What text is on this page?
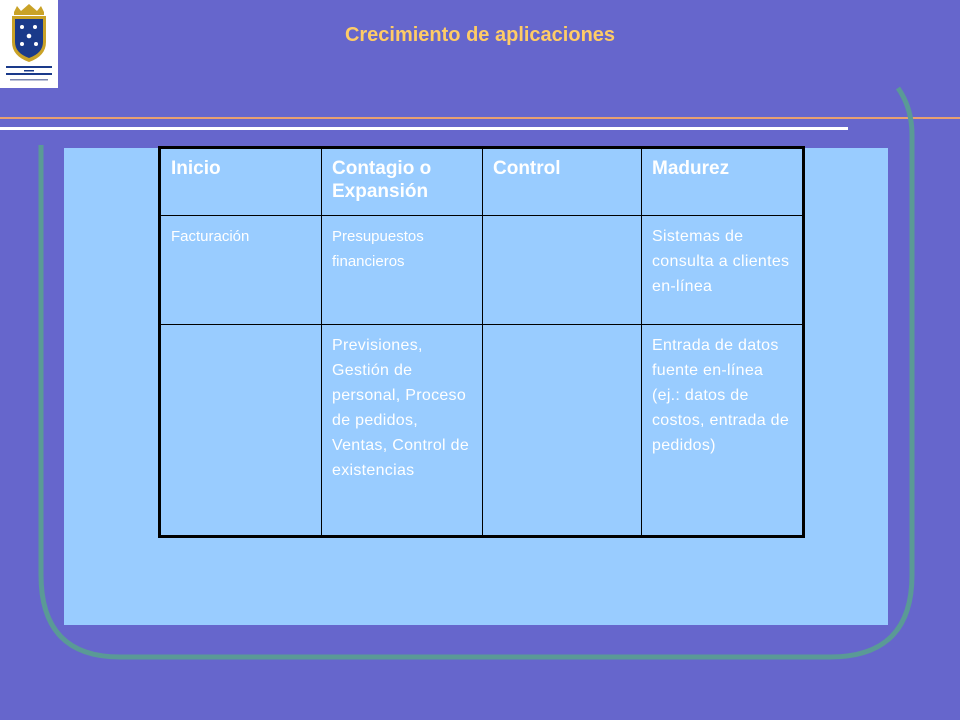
Crecimiento de aplicaciones
Inicio	Contagio o Expansión	Control	Madurez
Facturación	Presupuestos financieros		Sistemas de consulta a clientes en-línea
	Previsiones, Gestión de personal, Proceso de pedidos, Ventas, Control de existencias		Entrada de datos fuente en-línea (ej.: datos de costos, entrada de pedidos)
